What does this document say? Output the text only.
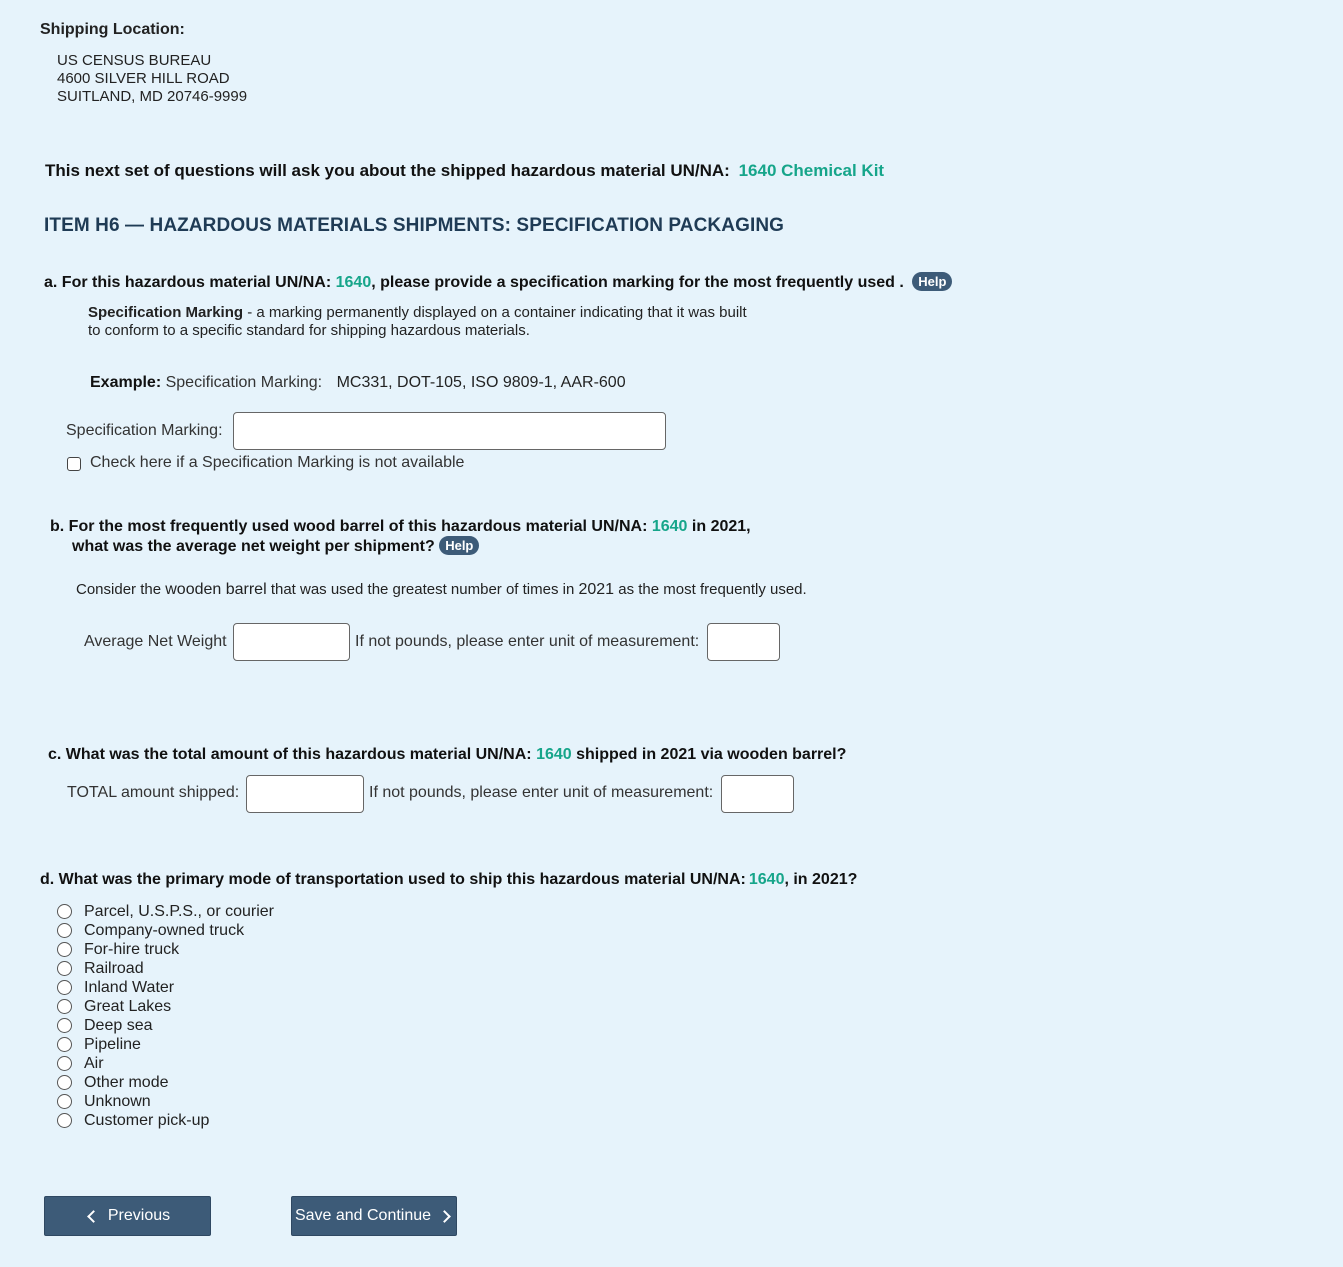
Shipping Location:
US CENSUS BUREAU
4600 SILVER HILL ROAD
SUITLAND, MD 20746-9999
This next set of questions will ask you about the shipped hazardous material UN/NA: 1640 Chemical Kit
ITEM H6 — HAZARDOUS MATERIALS SHIPMENTS: SPECIFICATION PACKAGING
a. For this hazardous material UN/NA: 1640, please provide a specification marking for the most frequently used . Help
Specification Marking - a marking permanently displayed on a container indicating that it was built
to conform to a specific standard for shipping hazardous materials.
Example: Specification Marking: MC331, DOT-105, ISO 9809-1, AAR-600
Specification Marking:
Check here if a Specification Marking is not available
b. For the most frequently used wood barrel of this hazardous material UN/NA: 1640 in 2021,
what was the average net weight per shipment? Help
Consider the wooden barrel that was used the greatest number of times in 2021 as the most frequently used.
Average Net Weight	If not pounds, please enter unit of measurement:
c. What was the total amount of this hazardous material UN/NA: 1640 shipped in 2021 via wooden barrel?
TOTAL amount shipped:	If not pounds, please enter unit of measurement:
d. What was the primary mode of transportation used to ship this hazardous material UN/NA: 1640, in 2021?
Parcel, U.S.P.S., or courier
Company-owned truck
For-hire truck
Railroad
Inland Water
Great Lakes
Deep sea
Pipeline
Air
Other mode
Unknown
Customer pick-up
Previous	Save and Continue
